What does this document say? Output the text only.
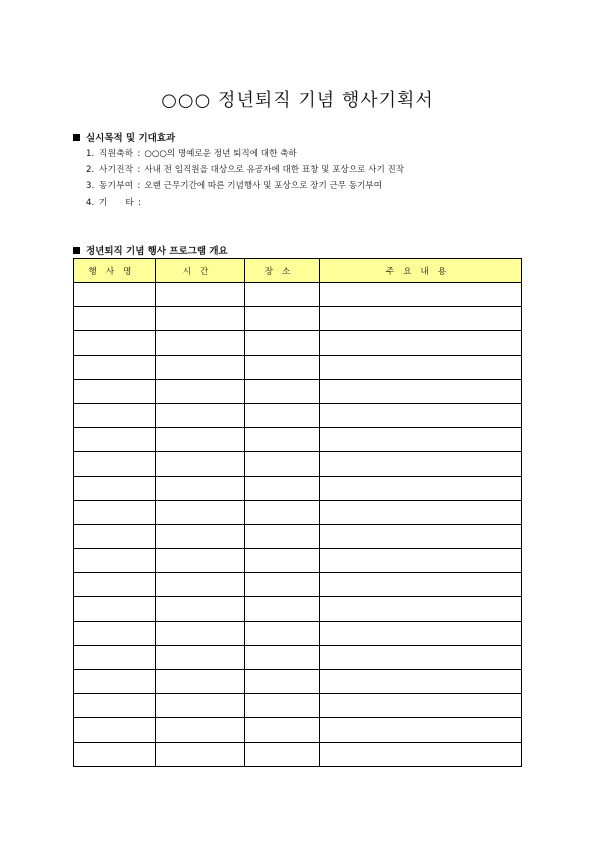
○○○ 정년퇴직 기념 행사기획서
실시목적 및 기대효과
1. 직원축하 : ○○○의 명예로운 정년 퇴직에 대한 축하
2. 사기진작 : 사내 전 임직원을 대상으로 유공자에 대한 표창 및 포상으로 사기 진작
3. 동기부여 : 오랜 근무기간에 따른 기념행사 및 포상으로 장기 근무 동기부여
4. 기　　타 :
정년퇴직 기념 행사 프로그램 개요
행사명	시간	장소	주요내용
